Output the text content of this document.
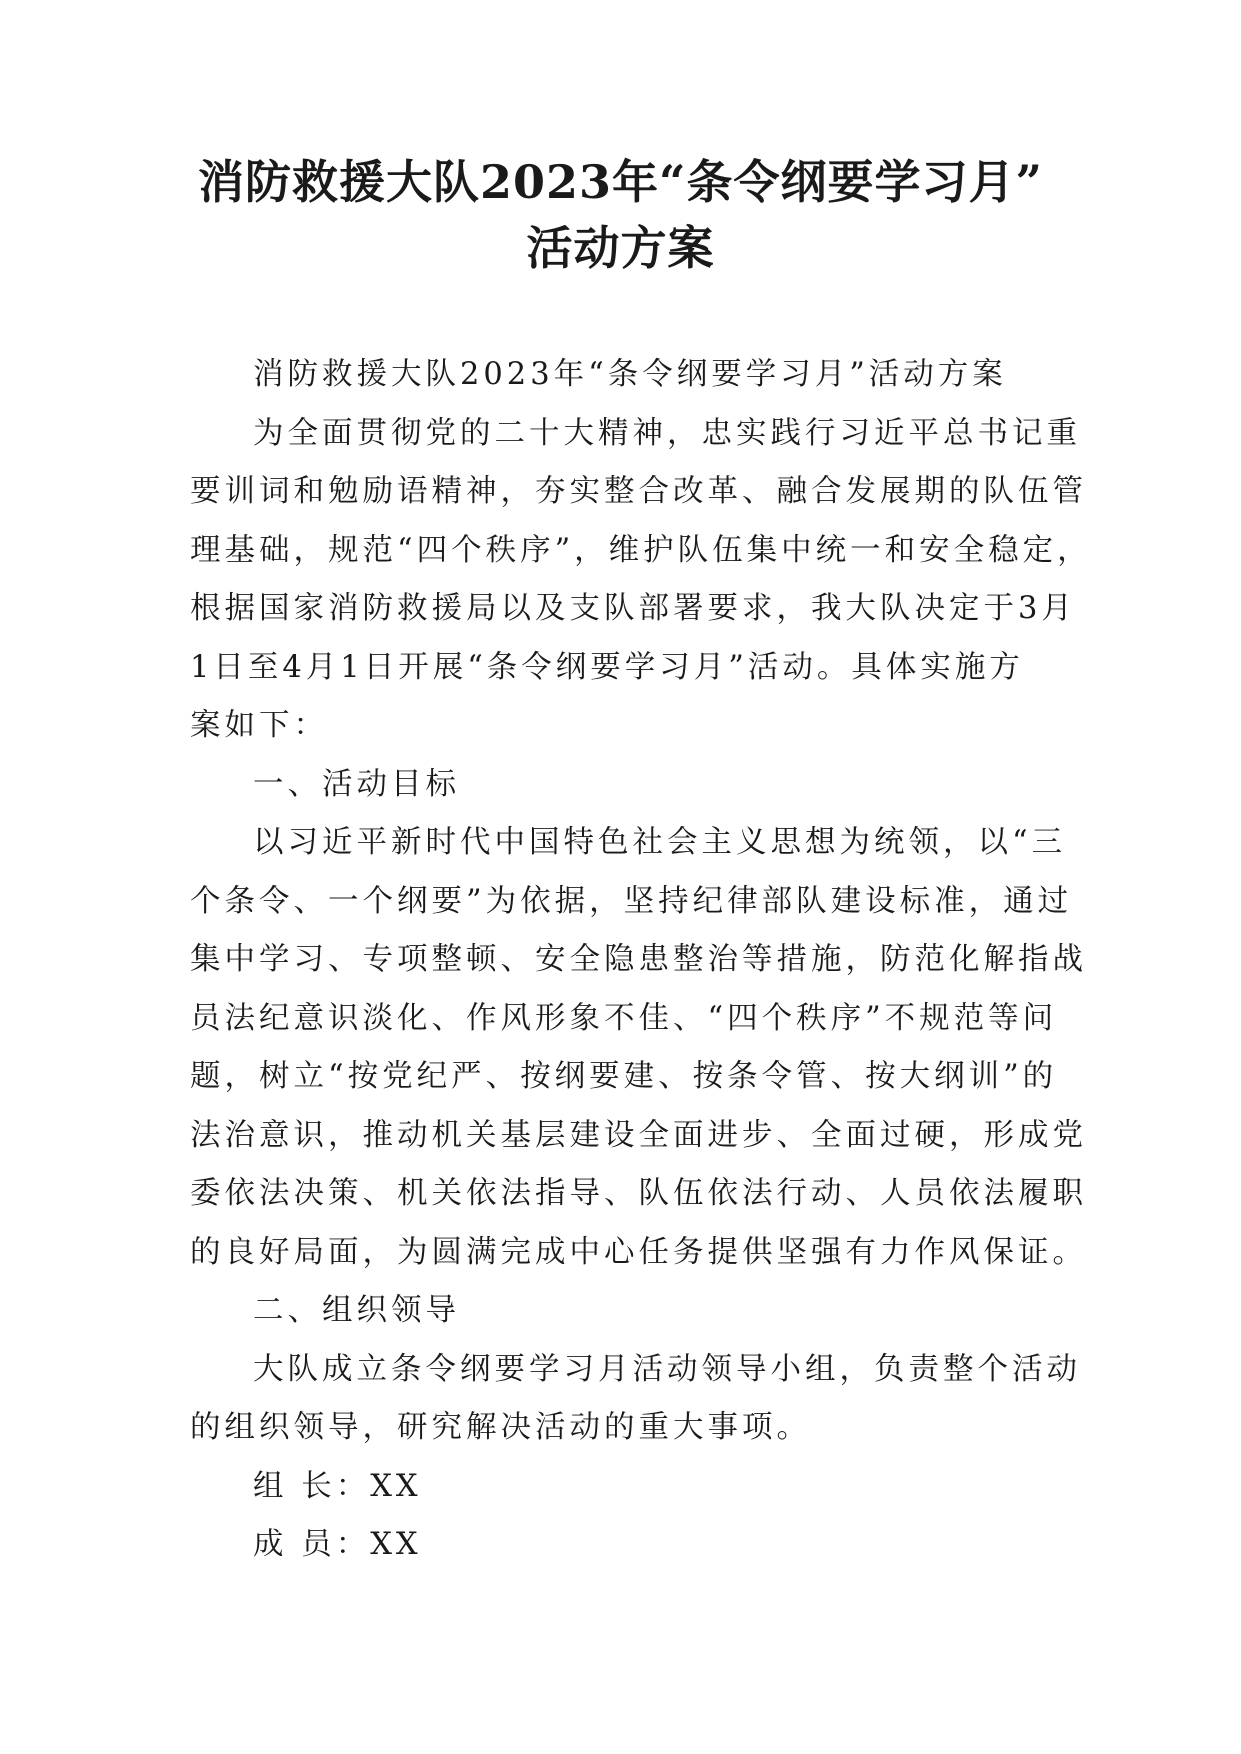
消防救援大队2023年“条令纲要学习月”
活动方案
消防救援大队2023年“条令纲要学习月”活动方案
为全面贯彻党的二十大精神，忠实践行习近平总书记重
要训词和勉励语精神，夯实整合改革、融合发展期的队伍管
理基础，规范“四个秩序”，维护队伍集中统一和安全稳定，
根据国家消防救援局以及支队部署要求，我大队决定于3月
1日至4月1日开展“条令纲要学习月”活动。具体实施方
案如下：
一、活动目标
以习近平新时代中国特色社会主义思想为统领，以“三
个条令、一个纲要”为依据，坚持纪律部队建设标准，通过
集中学习、专项整顿、安全隐患整治等措施，防范化解指战
员法纪意识淡化、作风形象不佳、“四个秩序”不规范等问
题，树立“按党纪严、按纲要建、按条令管、按大纲训”的
法治意识，推动机关基层建设全面进步、全面过硬，形成党
委依法决策、机关依法指导、队伍依法行动、人员依法履职
的良好局面，为圆满完成中心任务提供坚强有力作风保证。
二、组织领导
大队成立条令纲要学习月活动领导小组，负责整个活动
的组织领导，研究解决活动的重大事项。
组 长：XX
成 员：XX
